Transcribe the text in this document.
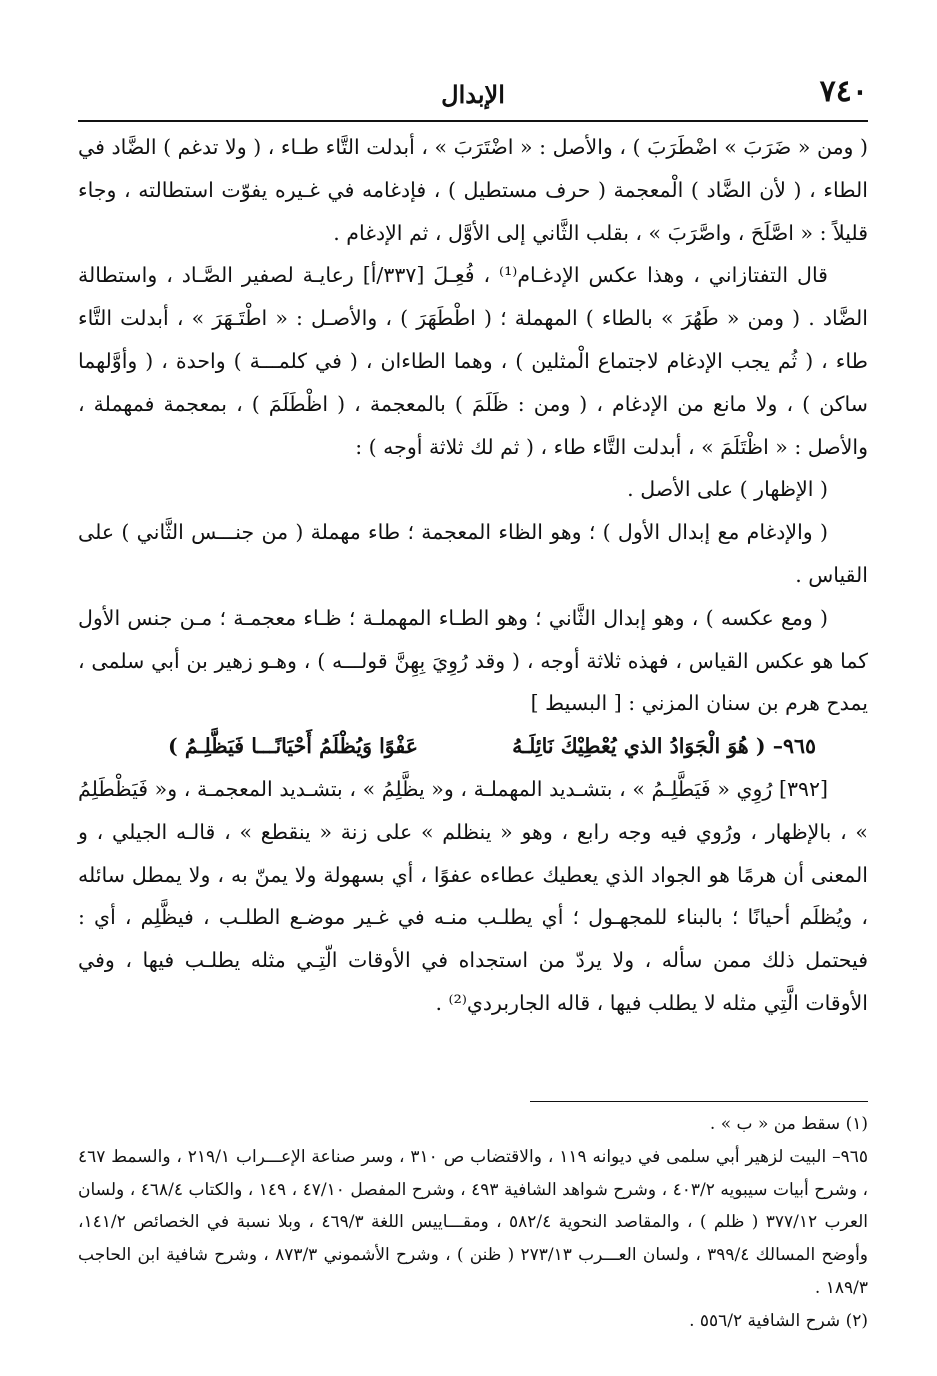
٧٤٠
الإبدال

( ومن « ضَرَبَ » اضْطَرَبَ ) ، والأصل : « اضْتَرَبَ » ، أبدلت التَّاء طـاء ، ( ولا تدغم ) الضَّاد في الطاء ، ( لأن الضَّاد ) الْمعجمة ( حرف مستطيل ) ، فإدغامه في غـيره يفوّت استطالته ، وجاء قليلاً : « اصَّلَحَ ، واصَّرَبَ » ، بقلب الثَّاني إلى الأوَّل ، ثم الإدغام .

قال التفتازاني ، وهذا عكس الإدغـام⁽¹⁾ ، فُعِـلَ [٣٣٧/أ] رعايـة لصفير الصَّـاد ، واستطالة الضَّاد . ( ومن « طَهُرَ » بالطاء ) المهملة ؛ ( اطْطَهَرَ ) ، والأصـل : « اطْتَـهَرَ » ، أبدلت التَّاء طاء ، ( ثُم يجب الإدغام لاجتماع الْمثلين ) ، وهما الطاءان ، ( في كلمـــة ) واحدة ، ( وأوَّلهما ساكن ) ، ولا مانع من الإدغام ، ( ومن : ظَلَمَ ) بالمعجمة ، ( اظْطَلَمَ ) ، بمعجمة فمهملة ، والأصل : « اظْتَلَمَ » ، أبدلت التَّاء طاء ، ( ثم لك ثلاثة أوجه ) :

( الإظهار ) على الأصل .

( والإدغام مع إبدال الأول ) ؛ وهو الظاء المعجمة ؛ طاء مهملة ( من جنـــس الثَّاني ) على القياس .

( ومع عكسه ) ، وهو إبدال الثَّاني ؛ وهو الطـاء المهملـة ؛ ظـاء معجمـة ؛ مـن جنس الأول كما هو عكس القياس ، فهذه ثلاثة أوجه ، ( وقد رُوِيَ بِهِنَّ قولـــه ) ، وهـو زهير بن أبي سلمى ، يمدح هرم بن سنان المزني : [ البسيط ]

٩٦٥– ( هُوَ الْجَوَادُ الذي يُعْطِيْكَ نَائِلَـهُ
عَفْوًا وَيُظْلَمُ أَحْيَانًـــا فَيَظَّلِـمُ )

[٣٩٢] رُوِي « فَيَطَّلِـمُ » ، بتشـديد المهملـة ، و« يظَّلِمُ » ، بتشـديد المعجمـة ، و« فَيَظْطَلِمُ » ، بالإظهار ، ورُوي فيه وجه رابع ، وهو « ينظلم » على زنة « ينقطع » ، قالـه الجيلي ، و المعنى أن هرمًا هو الجواد الذي يعطيك عطاءه عفوًا ، أي بسهولة ولا يمنّ به ، ولا يمطل سائله ، ويُظلَم أحيانًا ؛ بالبناء للمجهـول ؛ أي يطلـب منـه في غـير موضـع الطلـب ، فيظَّلِم ، أي : فيحتمل ذلك ممن سأله ، ولا يردّ من استجداه في الأوقات الّتِـي مثله يطلـب فيها ، وفي الأوقات الَّتِي مثله لا يطلب فيها ، قاله الجاربردي⁽²⁾ .

(١) سقط من « ب » .

٩٦٥– البيت لزهير أبي سلمى في ديوانه ١١٩ ، والاقتضاب ص ٣١٠ ، وسر صناعة الإعـــراب ٢١٩/١ ، والسمط ٤٦٧ ، وشرح أبيات سيبويه ٤٠٣/٢ ، وشرح شواهد الشافية ٤٩٣ ، وشرح المفصل ٤٧/١٠ ، ١٤٩ ، والكتاب ٤٦٨/٤ ، ولسان العرب ٣٧٧/١٢ ( ظلم ) ، والمقاصد النحوية ٥٨٢/٤ ، ومقـــاييس اللغة ٤٦٩/٣ ، وبلا نسبة في الخصائص ١٤١/٢، وأوضح المسالك ٣٩٩/٤ ، ولسان العـــرب ٢٧٣/١٣ ( ظنن ) ، وشرح الأشموني ٨٧٣/٣ ، وشرح شافية ابن الحاجب ١٨٩/٣ .

(٢) شرح الشافية ٥٥٦/٢ .
